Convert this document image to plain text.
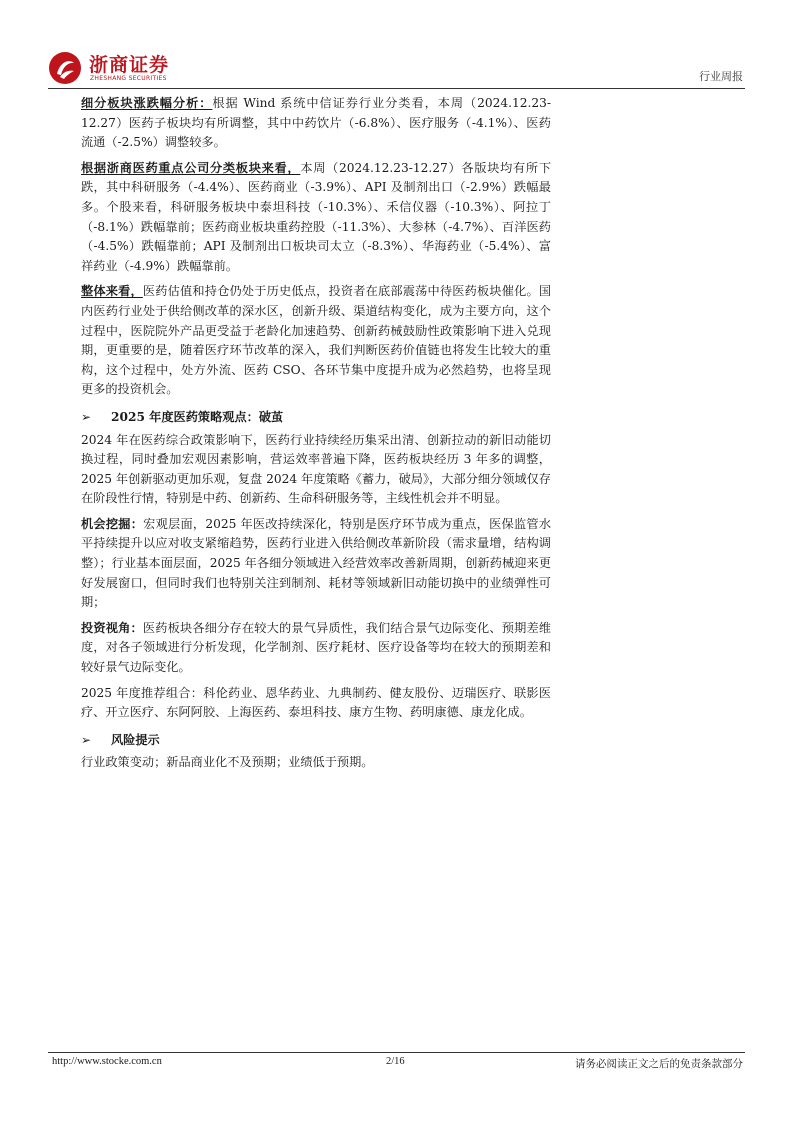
浙商证券
ZHESHANG SECURITIES	行业周报

细分板块涨跌幅分析：根据 Wind 系统中信证券行业分类看，本周（2024.12.23-12.27）医药子板块均有所调整，其中中药饮片（-6.8%）、医疗服务（-4.1%）、医药流通（-2.5%）调整较多。

根据浙商医药重点公司分类板块来看，本周（2024.12.23-12.27）各版块均有所下跌，其中科研服务（-4.4%）、医药商业（-3.9%）、API 及制剂出口（-2.9%）跌幅最多。个股来看，科研服务板块中泰坦科技（-10.3%）、禾信仪器（-10.3%）、阿拉丁（-8.1%）跌幅靠前；医药商业板块重药控股（-11.3%）、大参林（-4.7%）、百洋医药（-4.5%）跌幅靠前；API 及制剂出口板块司太立（-8.3%）、华海药业（-5.4%）、富祥药业（-4.9%）跌幅靠前。

整体来看，医药估值和持仓仍处于历史低点，投资者在底部震荡中待医药板块催化。国内医药行业处于供给侧改革的深水区，创新升级、渠道结构变化，成为主要方向，这个过程中，医院院外产品更受益于老龄化加速趋势、创新药械鼓励性政策影响下进入兑现期，更重要的是，随着医疗环节改革的深入，我们判断医药价值链也将发生比较大的重构，这个过程中，处方外流、医药 CSO、各环节集中度提升成为必然趋势，也将呈现更多的投资机会。

➢	2025 年度医药策略观点：破茧

2024 年在医药综合政策影响下，医药行业持续经历集采出清、创新拉动的新旧动能切换过程，同时叠加宏观因素影响，营运效率普遍下降，医药板块经历 3 年多的调整，2025 年创新驱动更加乐观，复盘 2024 年度策略《蓄力，破局》，大部分细分领域仅存在阶段性行情，特别是中药、创新药、生命科研服务等，主线性机会并不明显。

机会挖掘：宏观层面，2025 年医改持续深化，特别是医疗环节成为重点，医保监管水平持续提升以应对收支紧缩趋势，医药行业进入供给侧改革新阶段（需求量增，结构调整）；行业基本面层面，2025 年各细分领域进入经营效率改善新周期，创新药械迎来更好发展窗口，但同时我们也特别关注到制剂、耗材等领域新旧动能切换中的业绩弹性可期；

投资视角：医药板块各细分存在较大的景气异质性，我们结合景气边际变化、预期差维度，对各子领域进行分析发现，化学制剂、医疗耗材、医疗设备等均在较大的预期差和较好景气边际变化。

2025 年度推荐组合：科伦药业、恩华药业、九典制药、健友股份、迈瑞医疗、联影医疗、开立医疗、东阿阿胶、上海医药、泰坦科技、康方生物、药明康德、康龙化成。

➢	风险提示

行业政策变动；新品商业化不及预期；业绩低于预期。

http://www.stocke.com.cn	2/16	请务必阅读正文之后的免责条款部分
